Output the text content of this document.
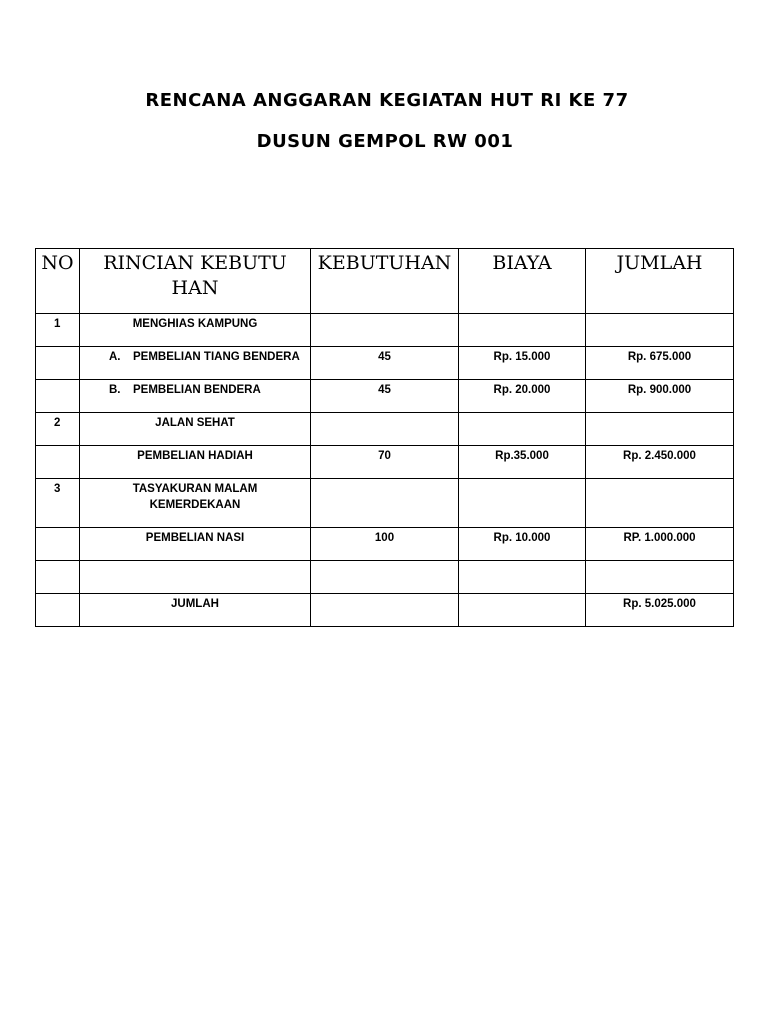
RENCANA ANGGARAN KEGIATAN HUT RI KE 77
DUSUN GEMPOL RW 001
NO	RINCIAN KEBUTUHAN	KEBUTUHAN	BIAYA	JUMLAH
1	MENGHIAS KAMPUNG			
	A. PEMBELIAN TIANG BENDERA	45	Rp. 15.000	Rp. 675.000
	B. PEMBELIAN BENDERA	45	Rp. 20.000	Rp. 900.000
2	JALAN SEHAT			
	PEMBELIAN HADIAH	70	Rp.35.000	Rp. 2.450.000
3	TASYAKURAN MALAM KEMERDEKAAN			
	PEMBELIAN NASI	100	Rp. 10.000	RP. 1.000.000

	JUMLAH			Rp. 5.025.000
